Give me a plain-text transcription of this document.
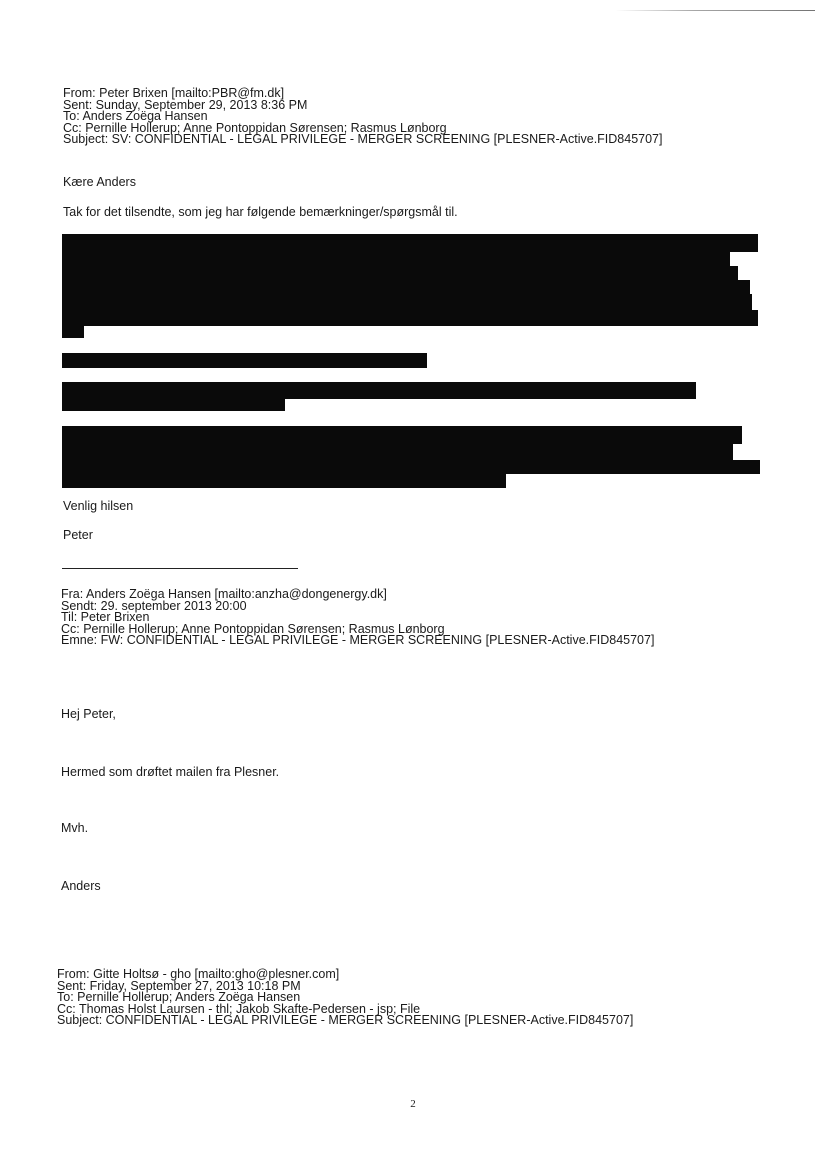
From: Peter Brixen [mailto:PBR@fm.dk]
Sent: Sunday, September 29, 2013 8:36 PM
To: Anders Zoëga Hansen
Cc: Pernille Hollerup; Anne Pontoppidan Sørensen; Rasmus Lønborg
Subject: SV: CONFIDENTIAL - LEGAL PRIVILEGE - MERGER SCREENING [PLESNER-Active.FID845707]
Kære Anders
Tak for det tilsendte, som jeg har følgende bemærkninger/spørgsmål til.
Venlig hilsen
Peter
Fra: Anders Zoëga Hansen [mailto:anzha@dongenergy.dk]
Sendt: 29. september 2013 20:00
Til: Peter Brixen
Cc: Pernille Hollerup; Anne Pontoppidan Sørensen; Rasmus Lønborg
Emne: FW: CONFIDENTIAL - LEGAL PRIVILEGE - MERGER SCREENING [PLESNER-Active.FID845707]
Hej Peter,
Hermed som drøftet mailen fra Plesner.
Mvh.
Anders
From: Gitte Holtsø - gho [mailto:gho@plesner.com]
Sent: Friday, September 27, 2013 10:18 PM
To: Pernille Hollerup; Anders Zoëga Hansen
Cc: Thomas Holst Laursen - thl; Jakob Skafte-Pedersen - jsp; File
Subject: CONFIDENTIAL - LEGAL PRIVILEGE - MERGER SCREENING [PLESNER-Active.FID845707]
2
